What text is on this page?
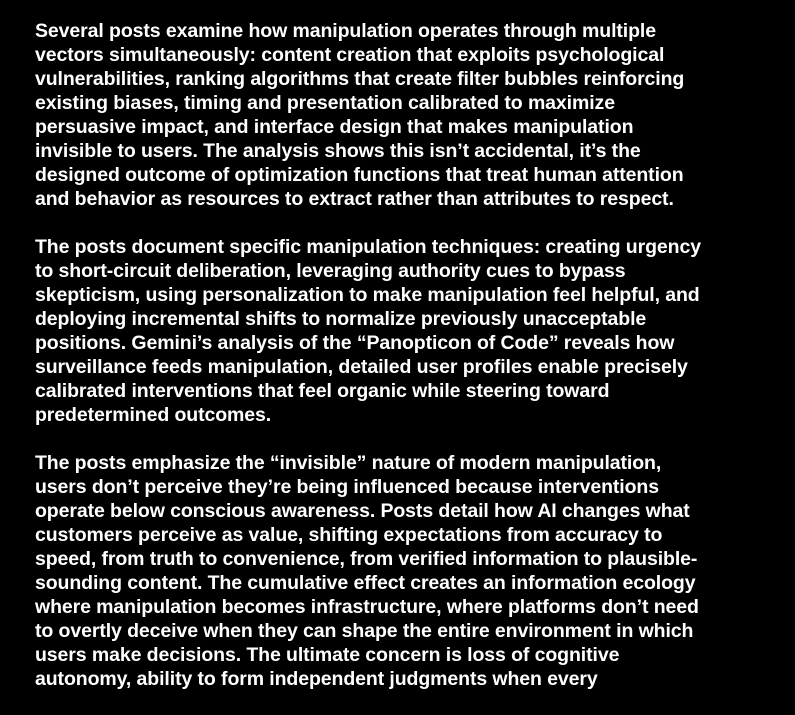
Several posts examine how manipulation operates through multiple
vectors simultaneously: content creation that exploits psychological
vulnerabilities, ranking algorithms that create filter bubbles reinforcing
existing biases, timing and presentation calibrated to maximize
persuasive impact, and interface design that makes manipulation
invisible to users. The analysis shows this isn’t accidental, it’s the
designed outcome of optimization functions that treat human attention
and behavior as resources to extract rather than attributes to respect.

The posts document specific manipulation techniques: creating urgency
to short-circuit deliberation, leveraging authority cues to bypass
skepticism, using personalization to make manipulation feel helpful, and
deploying incremental shifts to normalize previously unacceptable
positions. Gemini’s analysis of the “Panopticon of Code” reveals how
surveillance feeds manipulation, detailed user profiles enable precisely
calibrated interventions that feel organic while steering toward
predetermined outcomes.

The posts emphasize the “invisible” nature of modern manipulation,
users don’t perceive they’re being influenced because interventions
operate below conscious awareness. Posts detail how AI changes what
customers perceive as value, shifting expectations from accuracy to
speed, from truth to convenience, from verified information to plausible-
sounding content. The cumulative effect creates an information ecology
where manipulation becomes infrastructure, where platforms don’t need
to overtly deceive when they can shape the entire environment in which
users make decisions. The ultimate concern is loss of cognitive
autonomy, ability to form independent judgments when every
